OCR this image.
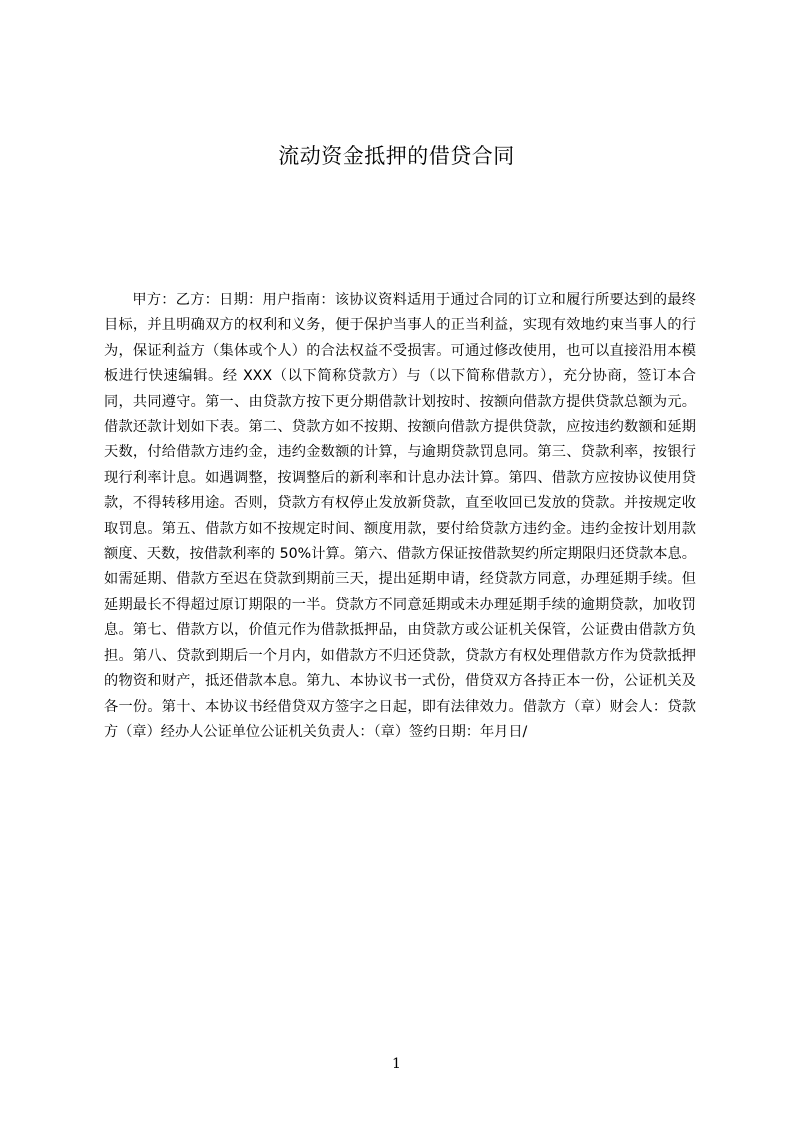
流动资金抵押的借贷合同

甲方：乙方：日期：用户指南：该协议资料适用于通过合同的订立和履行所要达到的最终目标，并且明确双方的权利和义务，便于保护当事人的正当利益，实现有效地约束当事人的行为，保证利益方（集体或个人）的合法权益不受损害。可通过修改使用，也可以直接沿用本模板进行快速编辑。经 XXX（以下简称贷款方）与（以下简称借款方），充分协商，签订本合同，共同遵守。第一、由贷款方按下更分期借款计划按时、按额向借款方提供贷款总额为元。借款还款计划如下表。第二、贷款方如不按期、按额向借款方提供贷款，应按违约数额和延期天数，付给借款方违约金，违约金数额的计算，与逾期贷款罚息同。第三、贷款利率，按银行现行利率计息。如遇调整，按调整后的新利率和计息办法计算。第四、借款方应按协议使用贷款，不得转移用途。否则，贷款方有权停止发放新贷款，直至收回已发放的贷款。并按规定收取罚息。第五、借款方如不按规定时间、额度用款，要付给贷款方违约金。违约金按计划用款额度、天数，按借款利率的 50%计算。第六、借款方保证按借款契约所定期限归还贷款本息。如需延期、借款方至迟在贷款到期前三天，提出延期申请，经贷款方同意，办理延期手续。但延期最长不得超过原订期限的一半。贷款方不同意延期或未办理延期手续的逾期贷款，加收罚息。第七、借款方以，价值元作为借款抵押品，由贷款方或公证机关保管，公证费由借款方负担。第八、贷款到期后一个月内，如借款方不归还贷款，贷款方有权处理借款方作为贷款抵押的物资和财产，抵还借款本息。第九、本协议书一式份，借贷双方各持正本一份，公证机关及各一份。第十、本协议书经借贷双方签字之日起，即有法律效力。借款方（章）财会人：贷款方（章）经办人公证单位公证机关负责人：（章）签约日期：年月日/

1
